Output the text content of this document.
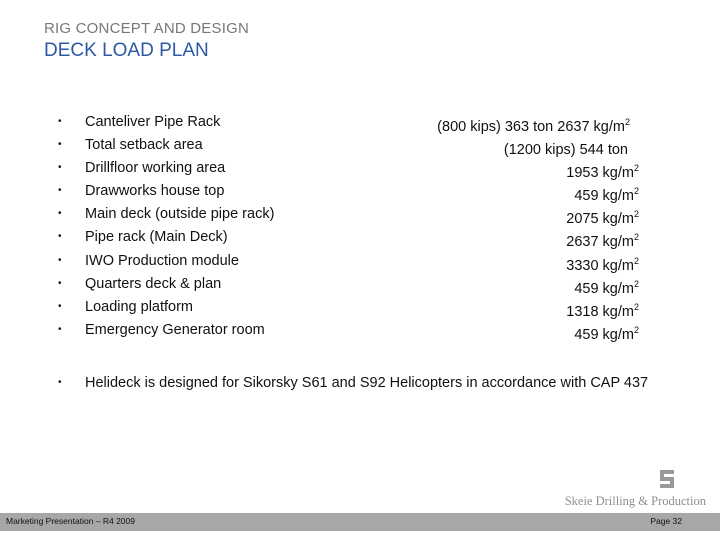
RIG CONCEPT AND DESIGN
DECK LOAD PLAN
• Canteliver Pipe Rack	(800 kips) 363 ton 2637 $kg/m^2$
• Total setback area	(1200 kips) 544 ton
• Drillfloor working area	1953 $kg/m^2$
• Drawworks house top	459 $kg/m^2$
• Main deck (outside pipe rack)	2075 $kg/m^2$
• Pipe rack (Main Deck)	2637 $kg/m^2$
• IWO Production module	3330 $kg/m^2$
• Quarters deck & plan	459 $kg/m^2$
• Loading platform	1318 $kg/m^2$
• Emergency Generator room	459 $kg/m^2$
• Helideck is designed for Sikorsky S61 and S92 Helicopters in accordance with CAP 437
Skeie Drilling & Production
Marketing Presentation – R4 2009	Page 32
